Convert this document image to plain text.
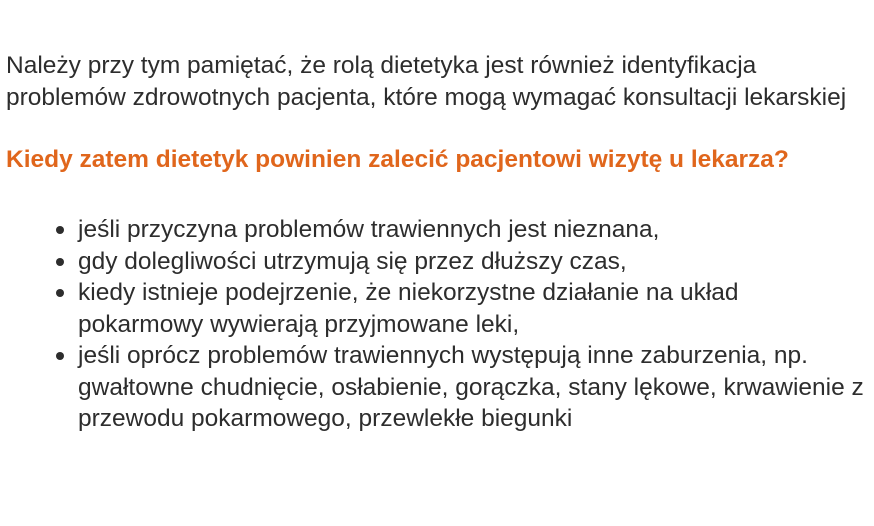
Należy przy tym pamiętać, że rolą dietetyka jest również identyfikacja problemów zdrowotnych pacjenta, które mogą wymagać konsultacji lekarskiej

Kiedy zatem dietetyk powinien zalecić pacjentowi wizytę u lekarza?

jeśli przyczyna problemów trawiennych jest nieznana,
gdy dolegliwości utrzymują się przez dłuższy czas,
kiedy istnieje podejrzenie, że niekorzystne działanie na układ pokarmowy wywierają przyjmowane leki,
jeśli oprócz problemów trawiennych występują inne zaburzenia, np. gwałtowne chudnięcie, osłabienie, gorączka, stany lękowe, krwawienie z przewodu pokarmowego, przewlekłe biegunki
